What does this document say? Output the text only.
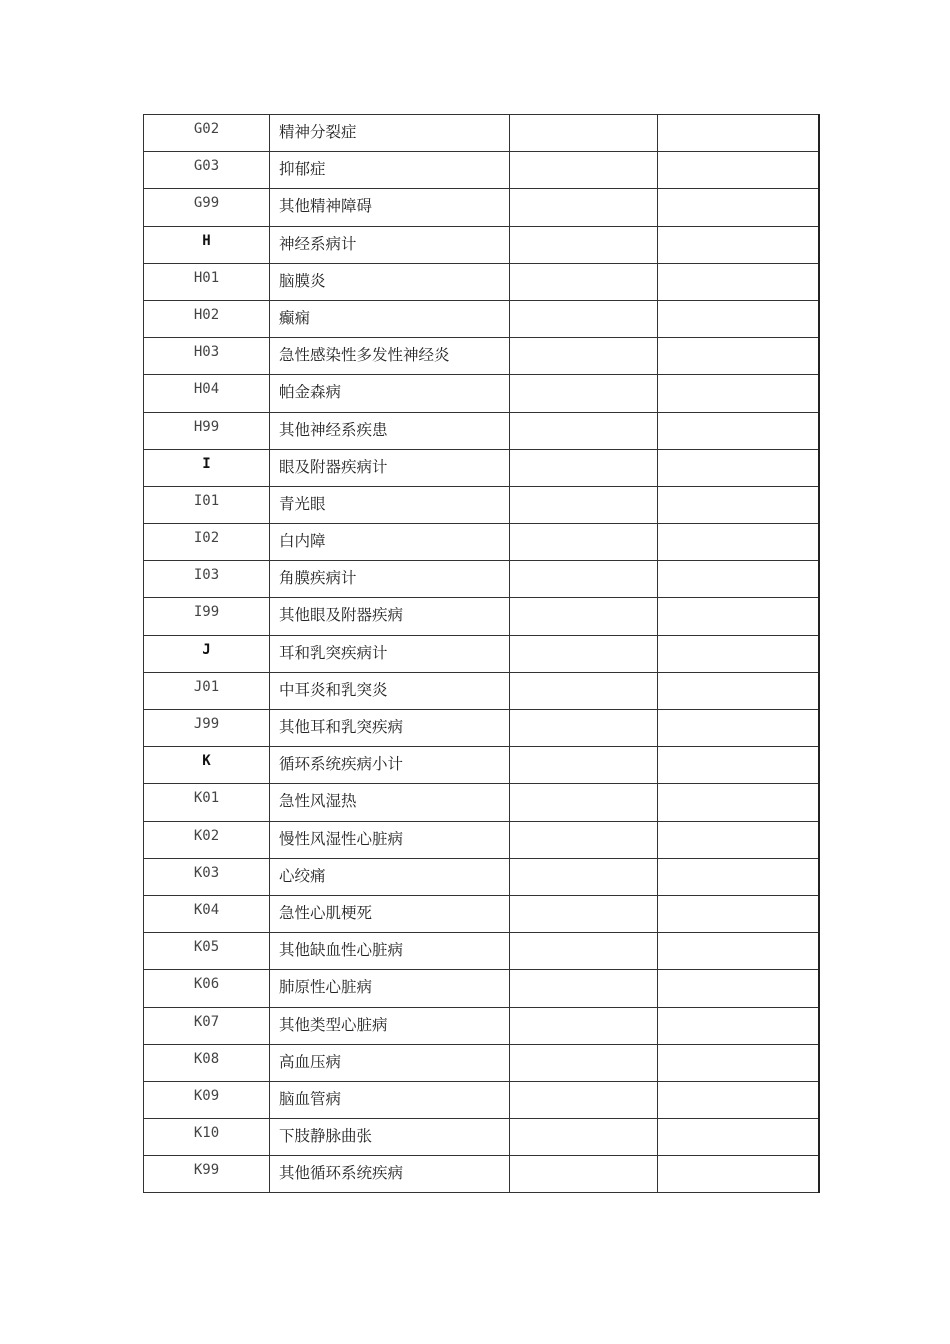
G02	精神分裂症		
G03	抑郁症		
G99	其他精神障碍		
H	神经系病计		
H01	脑膜炎		
H02	癫痫		
H03	急性感染性多发性神经炎		
H04	帕金森病		
H99	其他神经系疾患		
I	眼及附器疾病计		
I01	青光眼		
I02	白内障		
I03	角膜疾病计		
I99	其他眼及附器疾病		
J	耳和乳突疾病计		
J01	中耳炎和乳突炎		
J99	其他耳和乳突疾病		
K	循环系统疾病小计		
K01	急性风湿热		
K02	慢性风湿性心脏病		
K03	心绞痛		
K04	急性心肌梗死		
K05	其他缺血性心脏病		
K06	肺原性心脏病		
K07	其他类型心脏病		
K08	高血压病		
K09	脑血管病		
K10	下肢静脉曲张		
K99	其他循环系统疾病		
